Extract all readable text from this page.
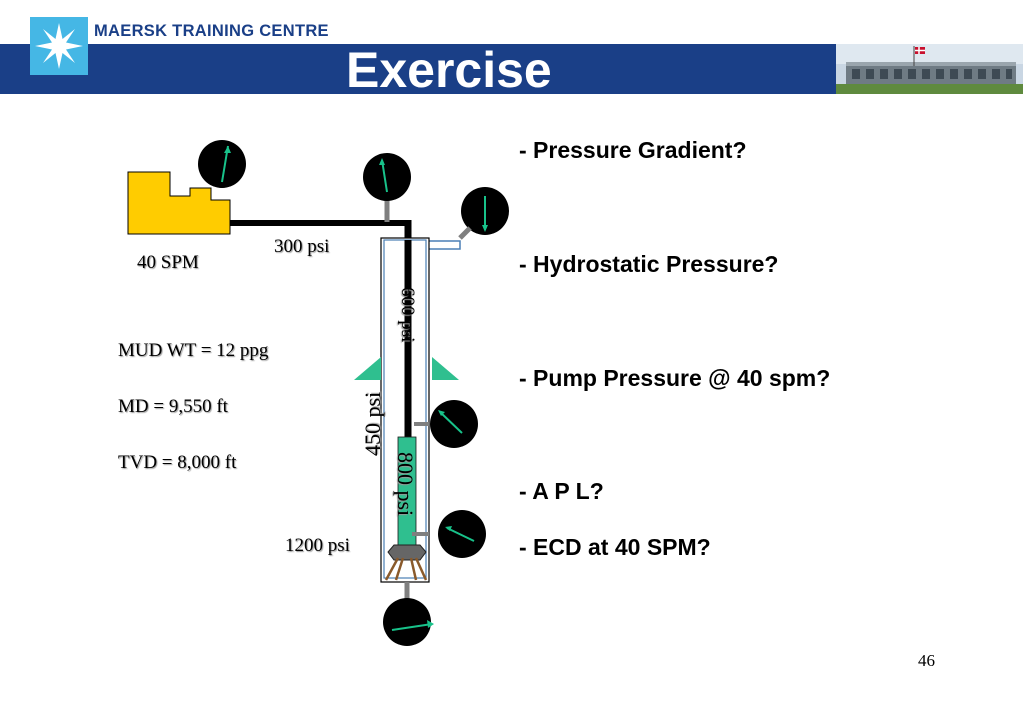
MAERSK TRAINING CENTRE
Exercise
40 SPM
300 psi
600 psi
450 psi
800 psi
1200 psi
MUD WT = 12 ppg
MD = 9,550 ft
TVD = 8,000 ft
- Pressure Gradient?
- Hydrostatic Pressure?
- Pump Pressure @ 40 spm?
- A P L?
- ECD at 40 SPM?
46
